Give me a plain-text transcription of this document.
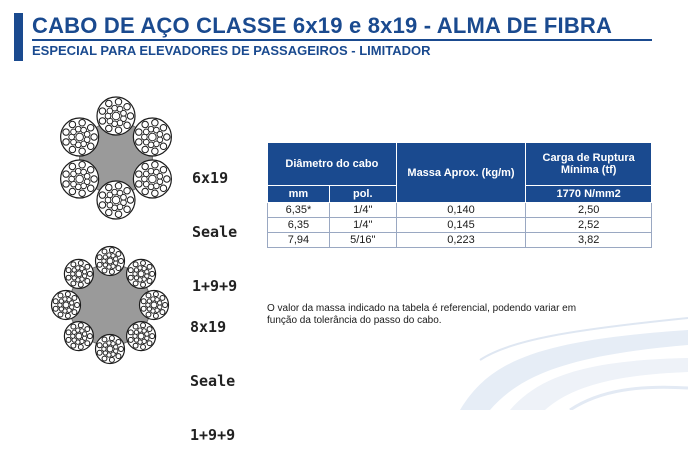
CABO DE AÇO CLASSE 6x19 e 8x19 - ALMA DE FIBRA
ESPECIAL PARA ELEVADORES DE PASSAGEIROS - LIMITADOR

6x19

Seale

1+9+9

8x19

Seale

1+9+9

Diâmetro do cabo		Massa Aprox. (kg/m)	Carga de Ruptura Mínima (tf)
mm	pol.		1770 N/mm2
6,35*	1/4"	0,140	2,50
6,35	1/4"	0,145	2,52
7,94	5/16"	0,223	3,82
O valor da massa indicado na tabela é referencial, podendo variar em função da tolerância do passo do cabo.
